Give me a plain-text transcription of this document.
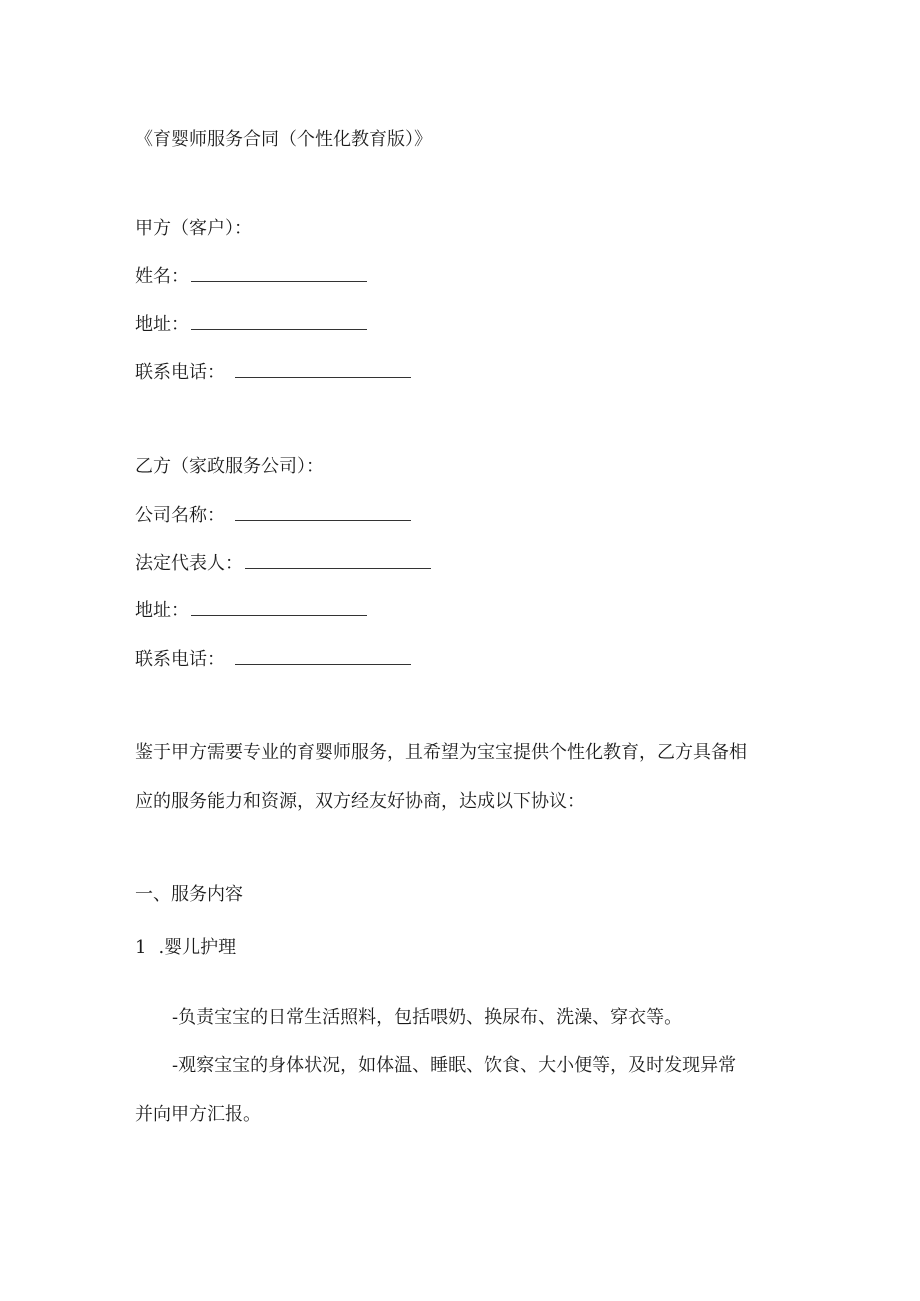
《育婴师服务合同（个性化教育版）》
甲方（客户）：
姓名：
地址：
联系电话：
乙方（家政服务公司）：
公司名称：
法定代表人：
地址：
联系电话：
鉴于甲方需要专业的育婴师服务，且希望为宝宝提供个性化教育，乙方具备相
应的服务能力和资源，双方经友好协商，达成以下协议：
一、服务内容
1 .婴儿护理
-负责宝宝的日常生活照料，包括喂奶、换尿布、洗澡、穿衣等。
-观察宝宝的身体状况，如体温、睡眠、饮食、大小便等，及时发现异常
并向甲方汇报。
